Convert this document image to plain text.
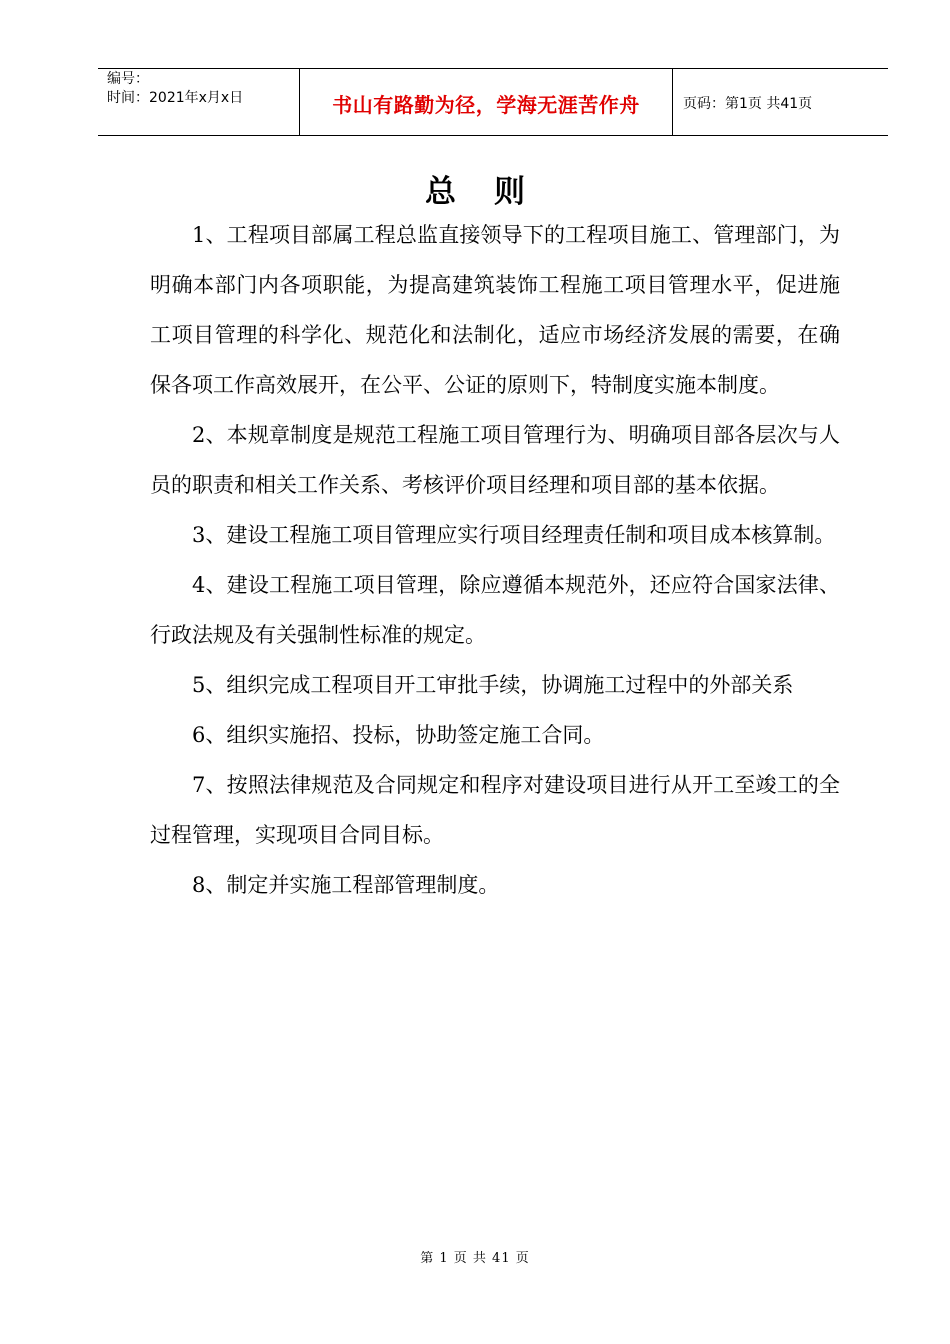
编号：
时间：2021年x月x日	书山有路勤为径，学海无涯苦作舟	页码：第1页 共41页
总则

1、工程项目部属工程总监直接领导下的工程项目施工、管理部门，为明确本部门内各项职能，为提高建筑装饰工程施工项目管理水平，促进施工项目管理的科学化、规范化和法制化，适应市场经济发展的需要，在确保各项工作高效展开，在公平、公证的原则下，特制度实施本制度。

2、本规章制度是规范工程施工项目管理行为、明确项目部各层次与人员的职责和相关工作关系、考核评价项目经理和项目部的基本依据。

3、建设工程施工项目管理应实行项目经理责任制和项目成本核算制。

4、建设工程施工项目管理，除应遵循本规范外，还应符合国家法律、行政法规及有关强制性标准的规定。

5、组织完成工程项目开工审批手续，协调施工过程中的外部关系

6、组织实施招、投标，协助签定施工合同。

7、按照法律规范及合同规定和程序对建设项目进行从开工至竣工的全过程管理，实现项目合同目标。

8、制定并实施工程部管理制度。

第 1 页 共 41 页
